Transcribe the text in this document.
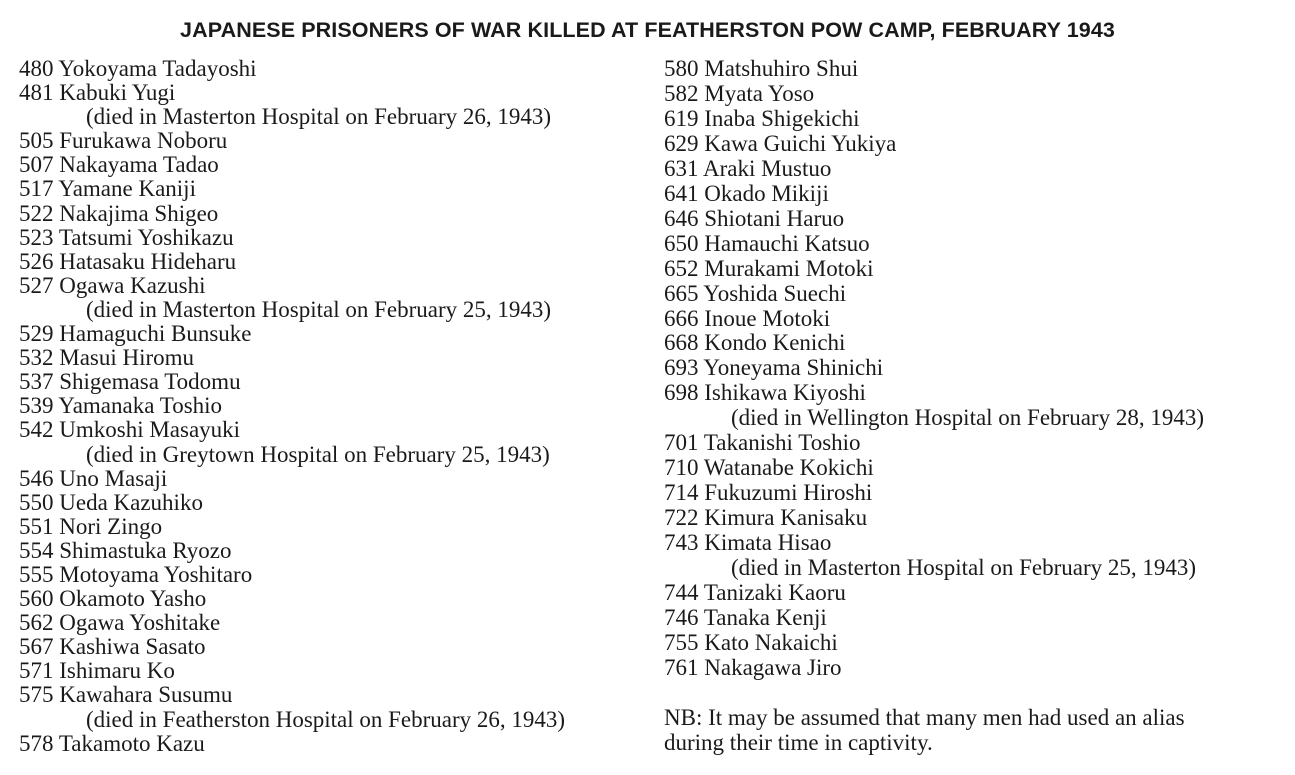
JAPANESE PRISONERS OF WAR KILLED AT FEATHERSTON POW CAMP, FEBRUARY 1943
480 Yokoyama Tadayoshi
481 Kabuki Yugi
(died in Masterton Hospital on February 26, 1943)
505 Furukawa Noboru
507 Nakayama Tadao
517 Yamane Kaniji
522 Nakajima Shigeo
523 Tatsumi Yoshikazu
526 Hatasaku Hideharu
527 Ogawa Kazushi
(died in Masterton Hospital on February 25, 1943)
529 Hamaguchi Bunsuke
532 Masui Hiromu
537 Shigemasa Todomu
539 Yamanaka Toshio
542 Umkoshi Masayuki
(died in Greytown Hospital on February 25, 1943)
546 Uno Masaji
550 Ueda Kazuhiko
551 Nori Zingo
554 Shimastuka Ryozo
555 Motoyama Yoshitaro
560 Okamoto Yasho
562 Ogawa Yoshitake
567 Kashiwa Sasato
571 Ishimaru Ko
575 Kawahara Susumu
(died in Featherston Hospital on February 26, 1943)
578 Takamoto Kazu
580 Matshuhiro Shui
582 Myata Yoso
619 Inaba Shigekichi
629 Kawa Guichi Yukiya
631 Araki Mustuo
641 Okado Mikiji
646 Shiotani Haruo
650 Hamauchi Katsuo
652 Murakami Motoki
665 Yoshida Suechi
666 Inoue Motoki
668 Kondo Kenichi
693 Yoneyama Shinichi
698 Ishikawa Kiyoshi
(died in Wellington Hospital on February 28, 1943)
701 Takanishi Toshio
710 Watanabe Kokichi
714 Fukuzumi Hiroshi
722 Kimura Kanisaku
743 Kimata Hisao
(died in Masterton Hospital on February 25, 1943)
744 Tanizaki Kaoru
746 Tanaka Kenji
755 Kato Nakaichi
761 Nakagawa Jiro
NB: It may be assumed that many men had used an alias
during their time in captivity.
